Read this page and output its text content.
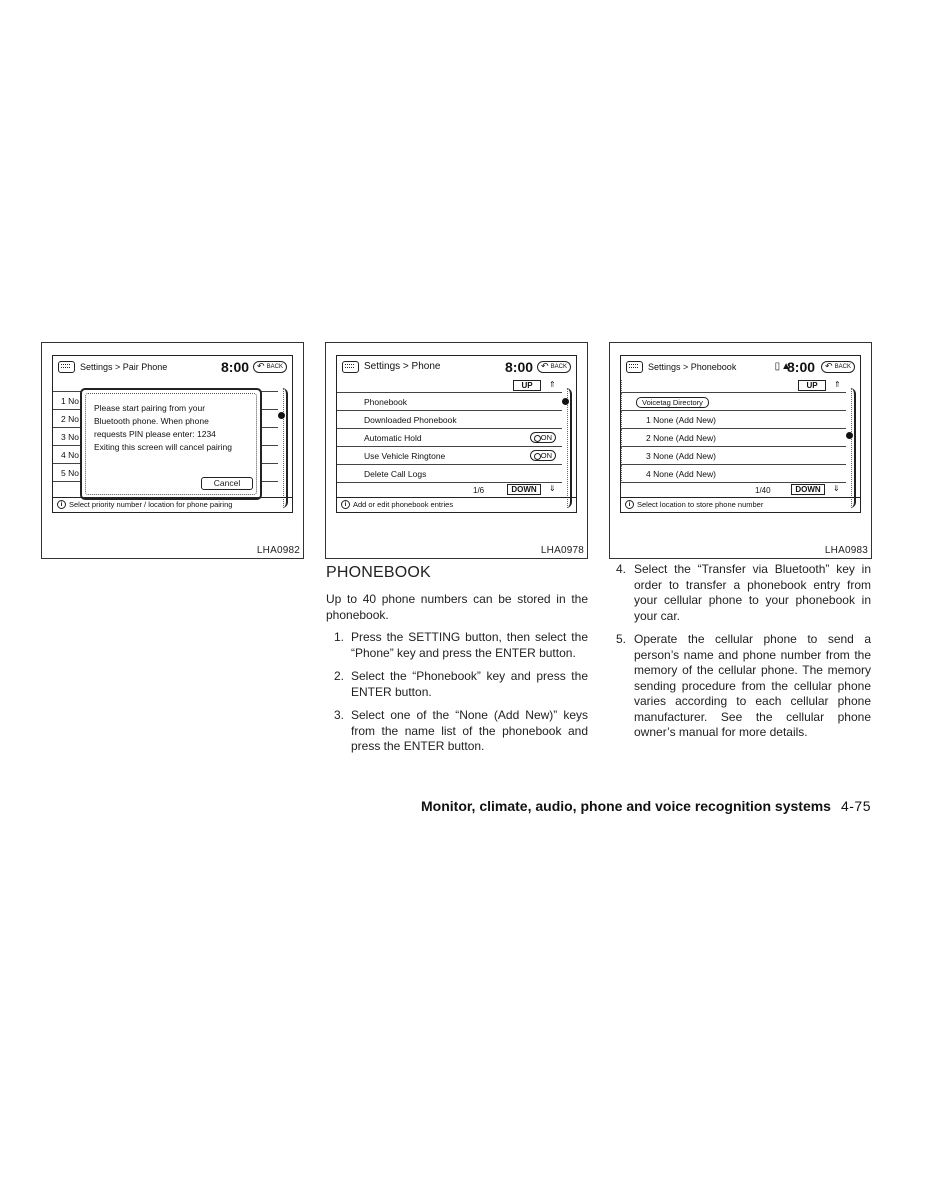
Settings > Pair Phone	8:00	↶ BACK
1 No
2 No
3 No
4 No
5 No
Please start pairing from your
Bluetooth phone. When phone
requests PIN please enter: 1234
Exiting this screen will cancel pairing
Cancel
i Select priority number / location for phone pairing
LHA0982
Settings > Phone	8:00	↶ BACK
UP	⇑
Phonebook
Downloaded Phonebook
Automatic Hold	ON
Use Vehicle Ringtone	ON
Delete Call Logs
1/6	DOWN	⇓
i Add or edit phonebook entries
LHA0978
Settings > Phonebook	▯▲
8:00	↶ BACK
UP	⇑
Voicetag Directory
1 None (Add New)
2 None (Add New)
3 None (Add New)
4 None (Add New)
1/40	DOWN	⇓
i Select location to store phone number
LHA0983
PHONEBOOK

Up to 40 phone numbers can be stored in the phonebook.

1. Press the SETTING button, then select the “Phone” key and press the ENTER button.
2. Select the “Phonebook” key and press the ENTER button.
3. Select one of the “None (Add New)” keys from the name list of the phonebook and press the ENTER button.
4. Select the “Transfer via Bluetooth” key in order to transfer a phonebook entry from your cellular phone to your phonebook in your car.
5. Operate the cellular phone to send a person’s name and phone number from the memory of the cellular phone. The memory sending procedure from the cellular phone varies according to each cellular phone manufacturer. See the cellular phone owner’s manual for more details.
Monitor, climate, audio, phone and voice recognition systems 4-75
